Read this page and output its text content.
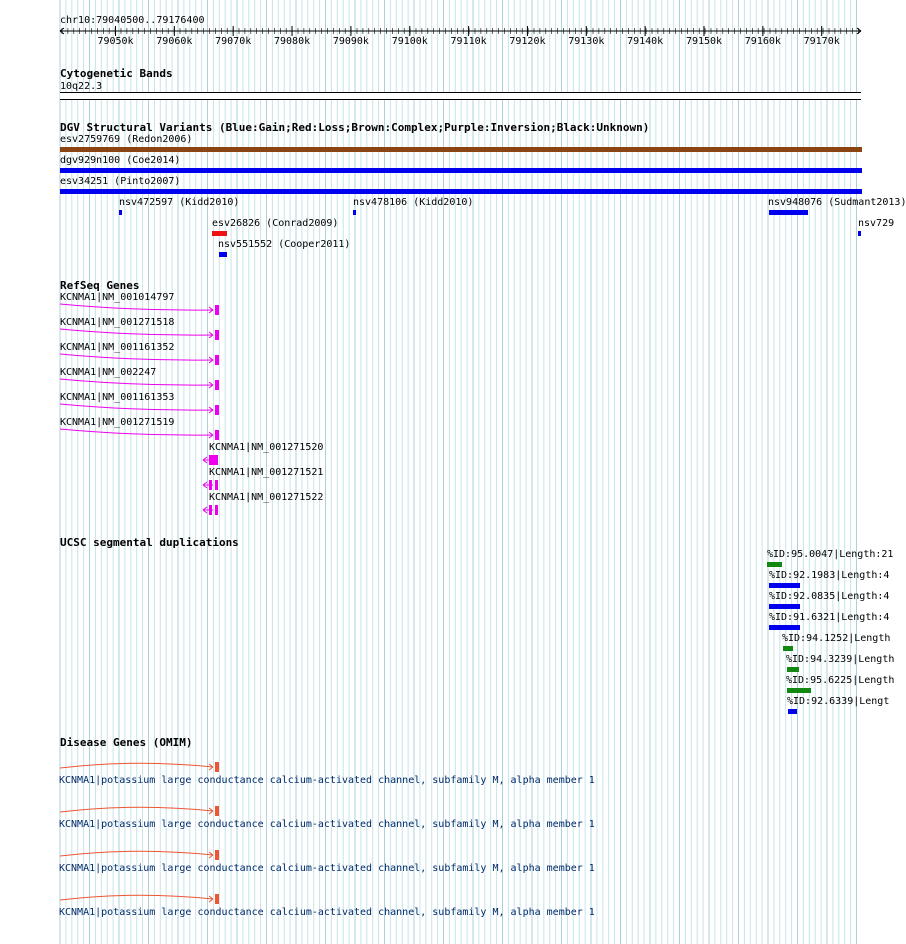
chr10:79040500..79176400
79050k 79060k 79070k 79080k 79090k 79100k 79110k 79120k 79130k 79140k 79150k 79160k 79170k
Cytogenetic Bands
10q22.3
DGV Structural Variants (Blue:Gain;Red:Loss;Brown:Complex;Purple:Inversion;Black:Unknown)
esv2759769 (Redon2006)
dgv929n100 (Coe2014)
esv34251 (Pinto2007)
nsv472597 (Kidd2010)	nsv478106 (Kidd2010)	nsv948076 (Sudmant2013)
nsv729
esv26826 (Conrad2009)
nsv551552 (Cooper2011)
RefSeq Genes
KCNMA1|NM_001014797
KCNMA1|NM_001271518
KCNMA1|NM_001161352
KCNMA1|NM_002247
KCNMA1|NM_001161353
KCNMA1|NM_001271519
KCNMA1|NM_001271520
KCNMA1|NM_001271521
KCNMA1|NM_001271522
UCSC segmental duplications
%ID:95.0047|Length:21
%ID:92.1983|Length:4
%ID:92.0835|Length:4
%ID:91.6321|Length:4
%ID:94.1252|Length
%ID:94.3239|Length
%ID:95.6225|Length
%ID:92.6339|Lengt
Disease Genes (OMIM)
KCNMA1|potassium large conductance calcium-activated channel, subfamily M, alpha member 1
KCNMA1|potassium large conductance calcium-activated channel, subfamily M, alpha member 1
KCNMA1|potassium large conductance calcium-activated channel, subfamily M, alpha member 1
KCNMA1|potassium large conductance calcium-activated channel, subfamily M, alpha member 1
